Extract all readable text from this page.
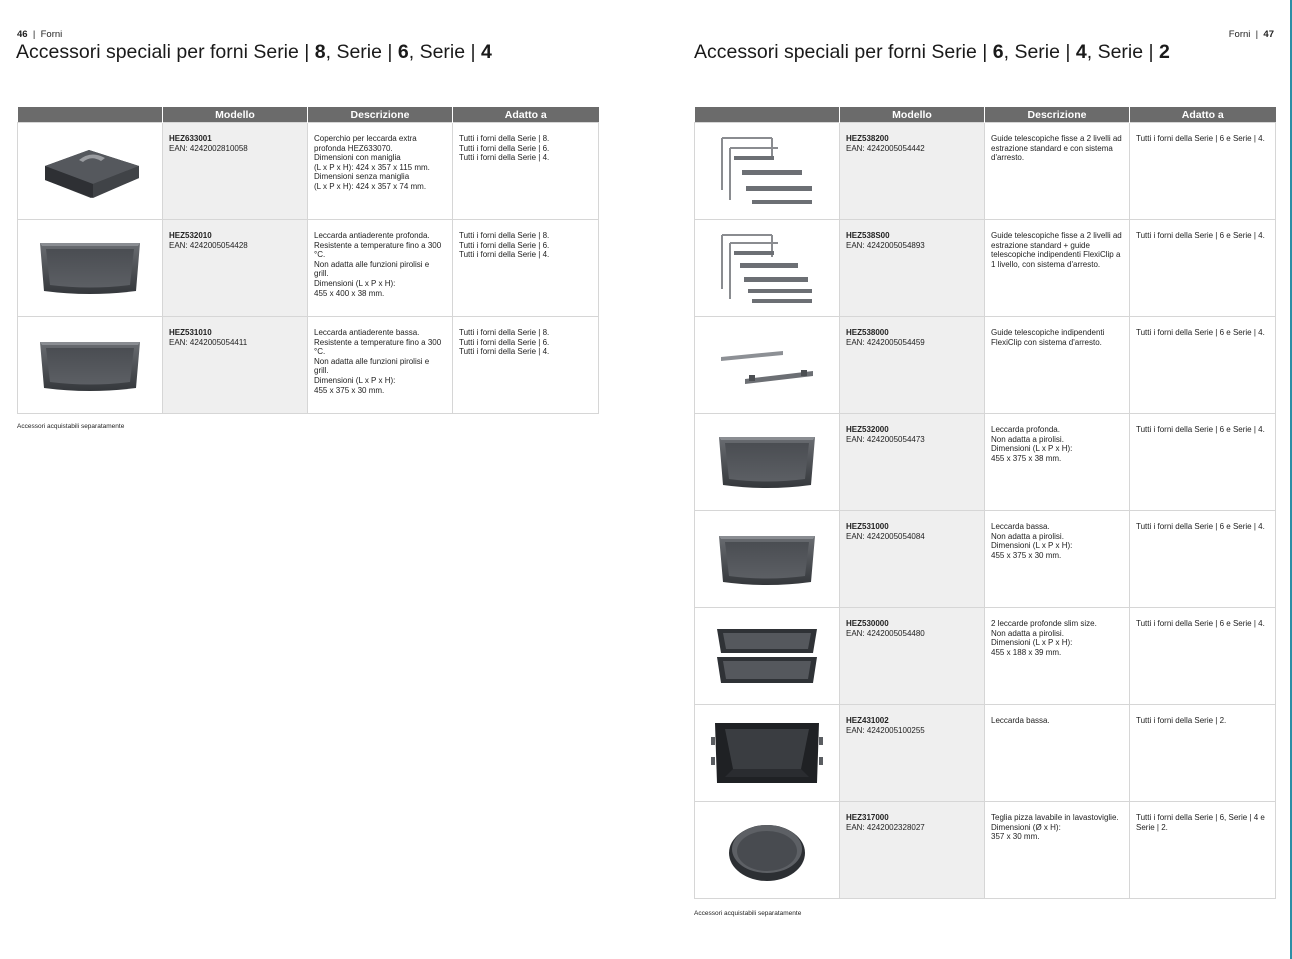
46  |  Forni
Accessori speciali per forni Serie | 8, Serie | 6, Serie | 4
	Modello	Descrizione	Adatto a

HEZ633001
EAN: 4242002810058	Coperchio per leccarda extra profonda HEZ633070.
Dimensioni con maniglia
(L x P x H): 424 x 357 x 115 mm.
Dimensioni senza maniglia
(L x P x H): 424 x 357 x 74 mm.	Tutti i forni della Serie | 8.
Tutti i forni della Serie | 6.
Tutti i forni della Serie | 4.

HEZ532010
EAN: 4242005054428	Leccarda antiaderente profonda. Resistente a temperature fino a 300 °C.
Non adatta alle funzioni pirolisi e grill.
Dimensioni (L x P x H):
455 x 400 x 38 mm.	Tutti i forni della Serie | 8.
Tutti i forni della Serie | 6.
Tutti i forni della Serie | 4.

HEZ531010
EAN: 4242005054411	Leccarda antiaderente bassa. Resistente a temperature fino a 300 °C.
Non adatta alle funzioni pirolisi e grill.
Dimensioni (L x P x H):
455 x 375 x 30 mm.	Tutti i forni della Serie | 8.
Tutti i forni della Serie | 6.
Tutti i forni della Serie | 4.
Accessori acquistabili separatamente
Forni  |  47
Accessori speciali per forni Serie | 6, Serie | 4, Serie | 2
	Modello	Descrizione	Adatto a

HEZ538200
EAN: 4242005054442	Guide telescopiche fisse a 2 livelli ad estrazione standard e con sistema d'arresto.	Tutti i forni della Serie | 6 e Serie | 4.

HEZ538S00
EAN: 4242005054893	Guide telescopiche fisse a 2 livelli ad estrazione standard + guide telescopiche indipendenti FlexiClip a 1 livello, con sistema d'arresto.	Tutti i forni della Serie | 6 e Serie | 4.

HEZ538000
EAN: 4242005054459	Guide telescopiche indipendenti FlexiClip con sistema d'arresto.	Tutti i forni della Serie | 6 e Serie | 4.

HEZ532000
EAN: 4242005054473	Leccarda profonda.
Non adatta a pirolisi.
Dimensioni (L x P x H):
455 x 375 x 38 mm.	Tutti i forni della Serie | 6 e Serie | 4.

HEZ531000
EAN: 4242005054084	Leccarda bassa.
Non adatta a pirolisi.
Dimensioni (L x P x H):
455 x 375 x 30 mm.	Tutti i forni della Serie | 6 e Serie | 4.

HEZ530000
EAN: 4242005054480	2 leccarde profonde slim size.
Non adatta a pirolisi.
Dimensioni (L x P x H):
455 x 188 x 39 mm.	Tutti i forni della Serie | 6 e Serie | 4.

HEZ431002
EAN: 4242005100255	Leccarda bassa.	Tutti i forni della Serie | 2.

HEZ317000
EAN: 4242002328027	Teglia pizza lavabile in lavastoviglie.
Dimensioni (Ø x H):
357 x 30 mm.	Tutti i forni della Serie | 6, Serie | 4 e Serie | 2.
Accessori acquistabili separatamente
